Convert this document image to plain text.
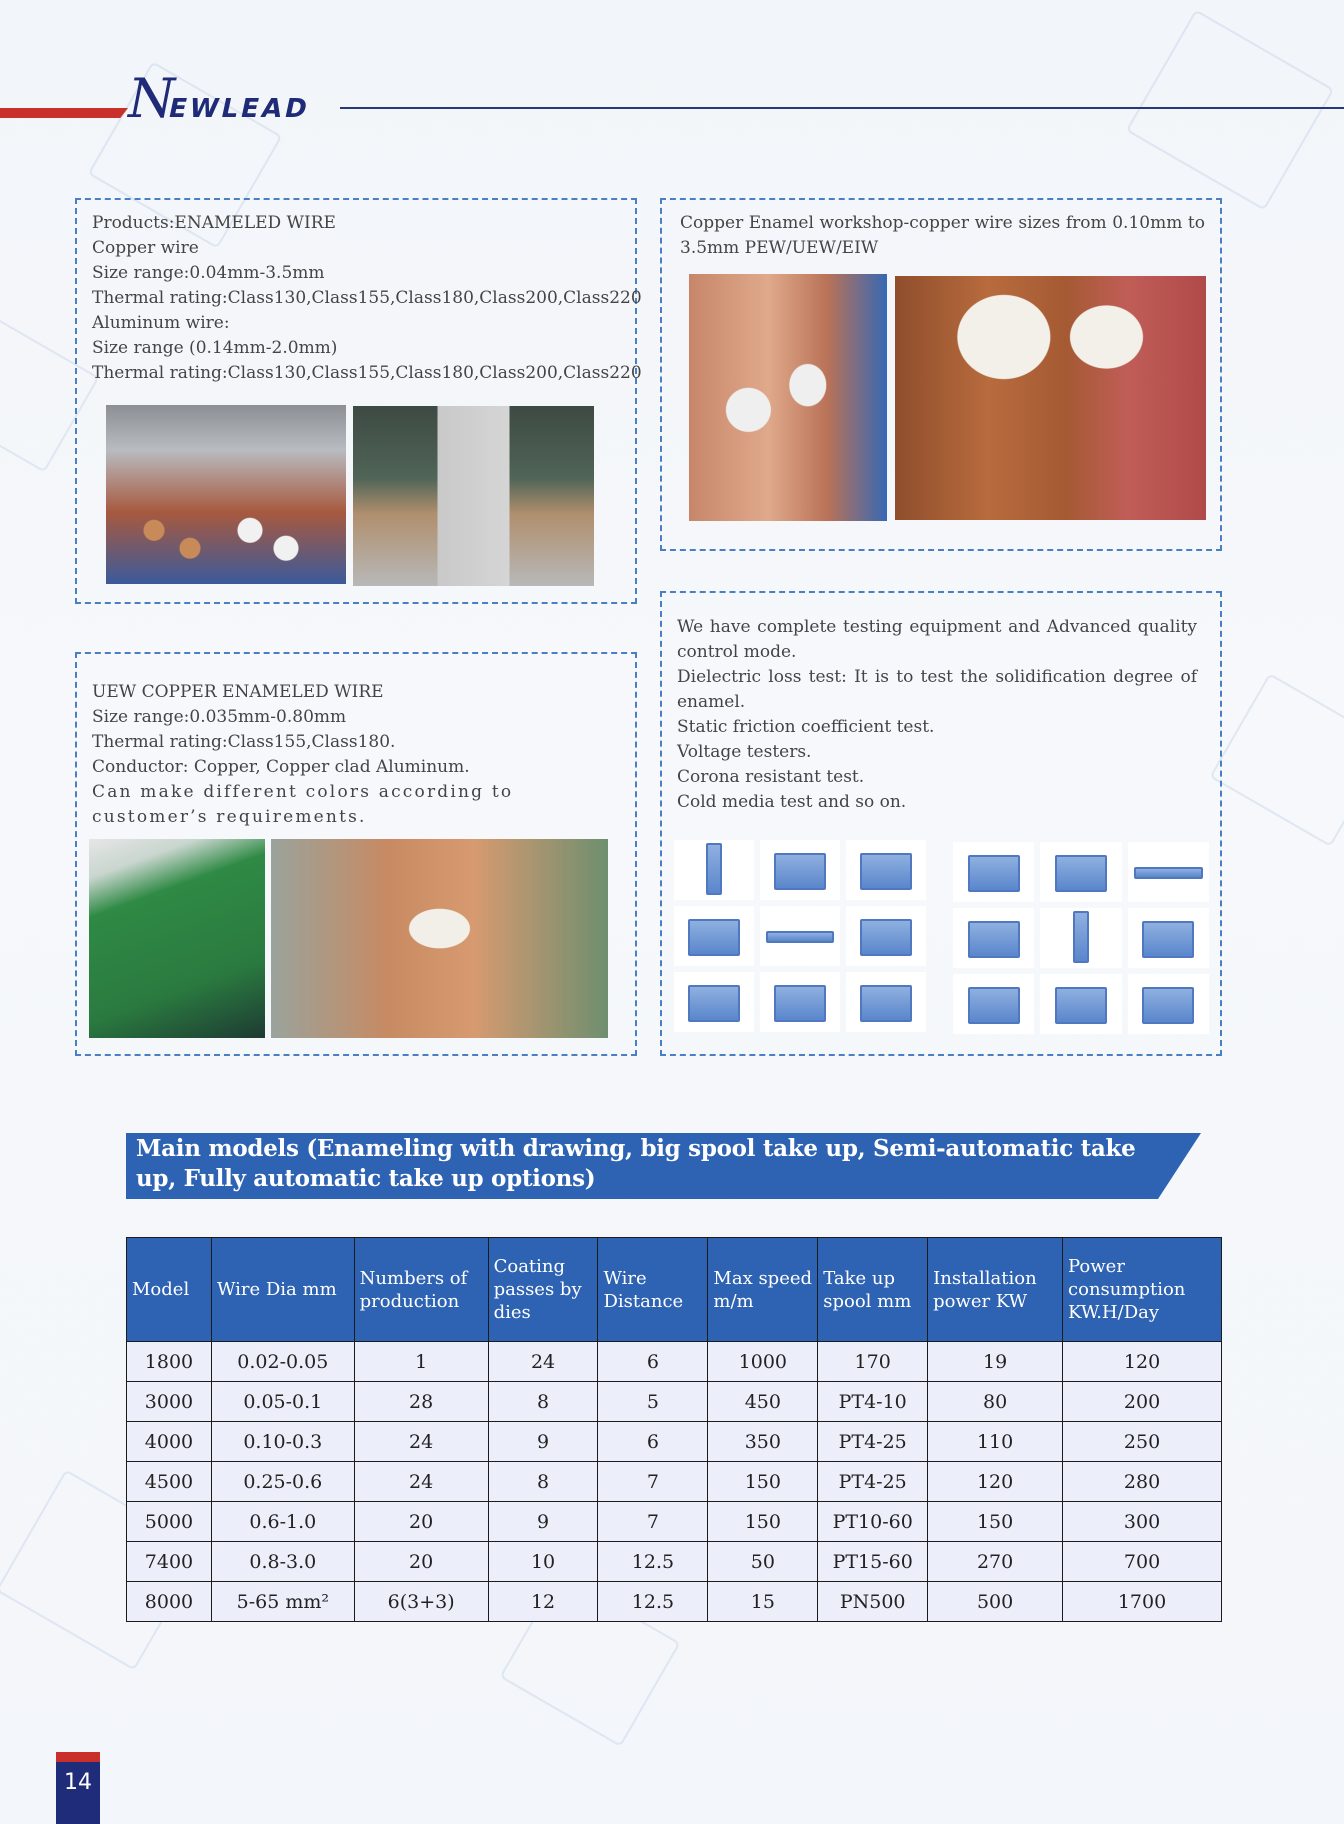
N
EWLEAD
Products:ENAMELED WIRE
Copper wire
Size range:0.04mm-3.5mm
Thermal rating:Class130,Class155,Class180,Class200,Class220
Aluminum wire:
Size range (0.14mm-2.0mm)
Thermal rating:Class130,Class155,Class180,Class200,Class220
Copper Enamel workshop-copper wire sizes from 0.10mm to 3.5mm PEW/UEW/EIW
UEW COPPER ENAMELED WIRE
Size range:0.035mm-0.80mm
Thermal rating:Class155,Class180.
Conductor: Copper, Copper clad Aluminum.
Can make different colors according to customer’s requirements.
We have complete testing equipment and Advanced quality control mode.
Dielectric loss test: It is to test the solidification degree of enamel.
Static friction coefficient test.
Voltage testers.
Corona resistant test.
Cold media test and so on.
Main models (Enameling with drawing, big spool take up, Semi-automatic take up, Fully automatic take up options)
Model	Wire Dia mm	Numbers of production	Coating passes by dies	Wire Distance	Max speed m/m	Take up spool mm	Installation power KW	Power consumption KW.H/Day
1800	0.02-0.05	1	24	6	1000	170	19	120
3000	0.05-0.1	28	8	5	450	PT4-10	80	200
4000	0.10-0.3	24	9	6	350	PT4-25	110	250
4500	0.25-0.6	24	8	7	150	PT4-25	120	280
5000	0.6-1.0	20	9	7	150	PT10-60	150	300
7400	0.8-3.0	20	10	12.5	50	PT15-60	270	700
8000	5-65 mm²	6(3+3)	12	12.5	15	PN500	500	1700
14
